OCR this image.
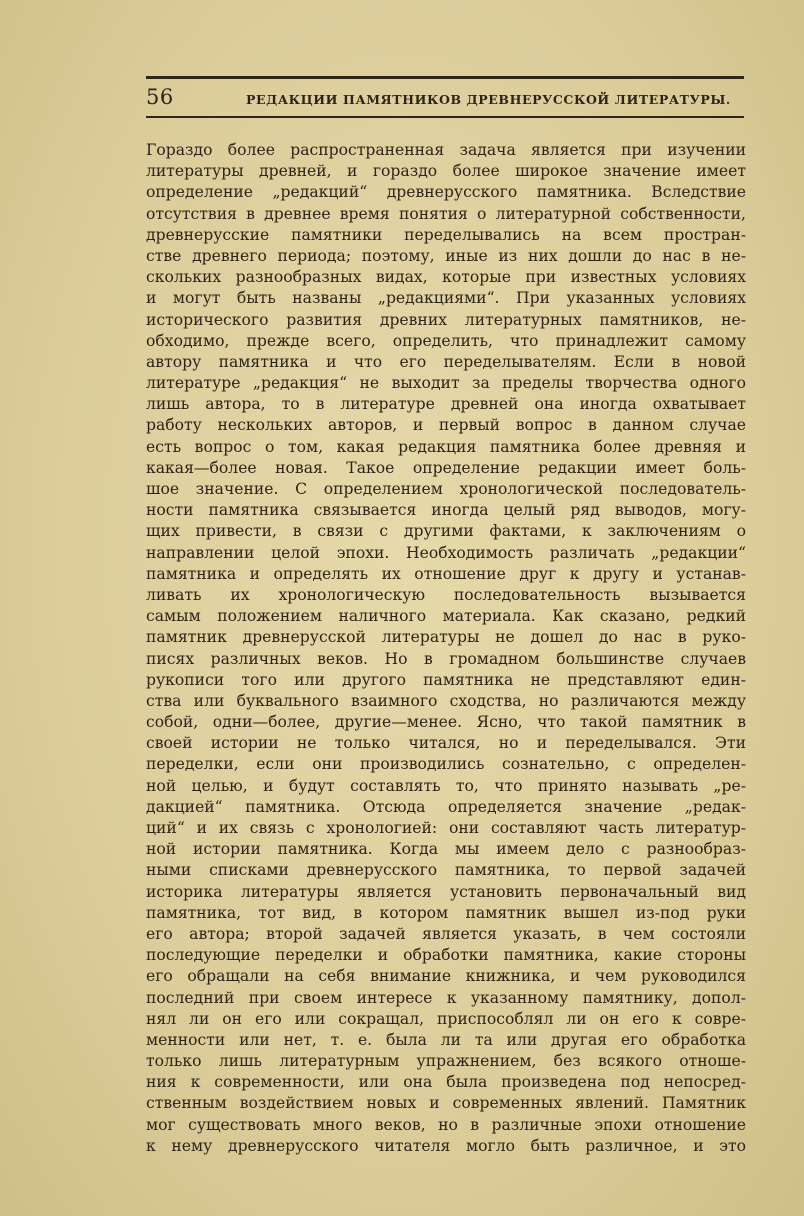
56	РЕДАКЦИИ ПАМЯТНИКОВ ДРЕВНЕРУССКОЙ ЛИТЕРАТУРЫ.
Гораздо более распространенная задача является при изучении
литературы древней, и гораздо более широкое значение имеет
определение „редакций“ древнерусского памятника. Вследствие
отсутствия в древнее время понятия о литературной собственности,
древнерусские памятники переделывались на всем простран-
стве древнего периода; поэтому, иные из них дошли до нас в не-
скольких разнообразных видах, которые при известных условиях
и могут быть названы „редакциями“. При указанных условиях
исторического развития древних литературных памятников, не-
обходимо, прежде всего, определить, что принадлежит самому
автору памятника и что его переделывателям. Если в новой
литературе „редакция“ не выходит за пределы творчества одного
лишь автора, то в литературе древней она иногда охватывает
работу нескольких авторов, и первый вопрос в данном случае
есть вопрос о том, какая редакция памятника более древняя и
какая—более новая. Такое определение редакции имеет боль-
шое значение. С определением хронологической последователь-
ности памятника связывается иногда целый ряд выводов, могу-
щих привести, в связи с другими фактами, к заключениям о
направлении целой эпохи. Необходимость различать „редакции“
памятника и определять их отношение друг к другу и устанав-
ливать их хронологическую последовательность вызывается
самым положением наличного материала. Как сказано, редкий
памятник древнерусской литературы не дошел до нас в руко-
писях различных веков. Но в громадном большинстве случаев
рукописи того или другого памятника не представляют един-
ства или буквального взаимного сходства, но различаются между
собой, одни—более, другие—менее. Ясно, что такой памятник в
своей истории не только читался, но и переделывался. Эти
переделки, если они производились сознательно, с определен-
ной целью, и будут составлять то, что принято называть „ре-
дакцией“ памятника. Отсюда определяется значение „редак-
ций“ и их связь с хронологией: они составляют часть литератур-
ной истории памятника. Когда мы имеем дело с разнообраз-
ными списками древнерусского памятника, то первой задачей
историка литературы является установить первоначальный вид
памятника, тот вид, в котором памятник вышел из-под руки
его автора; второй задачей является указать, в чем состояли
последующие переделки и обработки памятника, какие стороны
его обращали на себя внимание книжника, и чем руководился
последний при своем интересе к указанному памятнику, допол-
нял ли он его или сокращал, приспособлял ли он его к совре-
менности или нет, т. е. была ли та или другая его обработка
только лишь литературным упражнением, без всякого отноше-
ния к современности, или она была произведена под непосред-
ственным воздействием новых и современных явлений. Памятник
мог существовать много веков, но в различные эпохи отношение
к нему древнерусского читателя могло быть различное, и это
